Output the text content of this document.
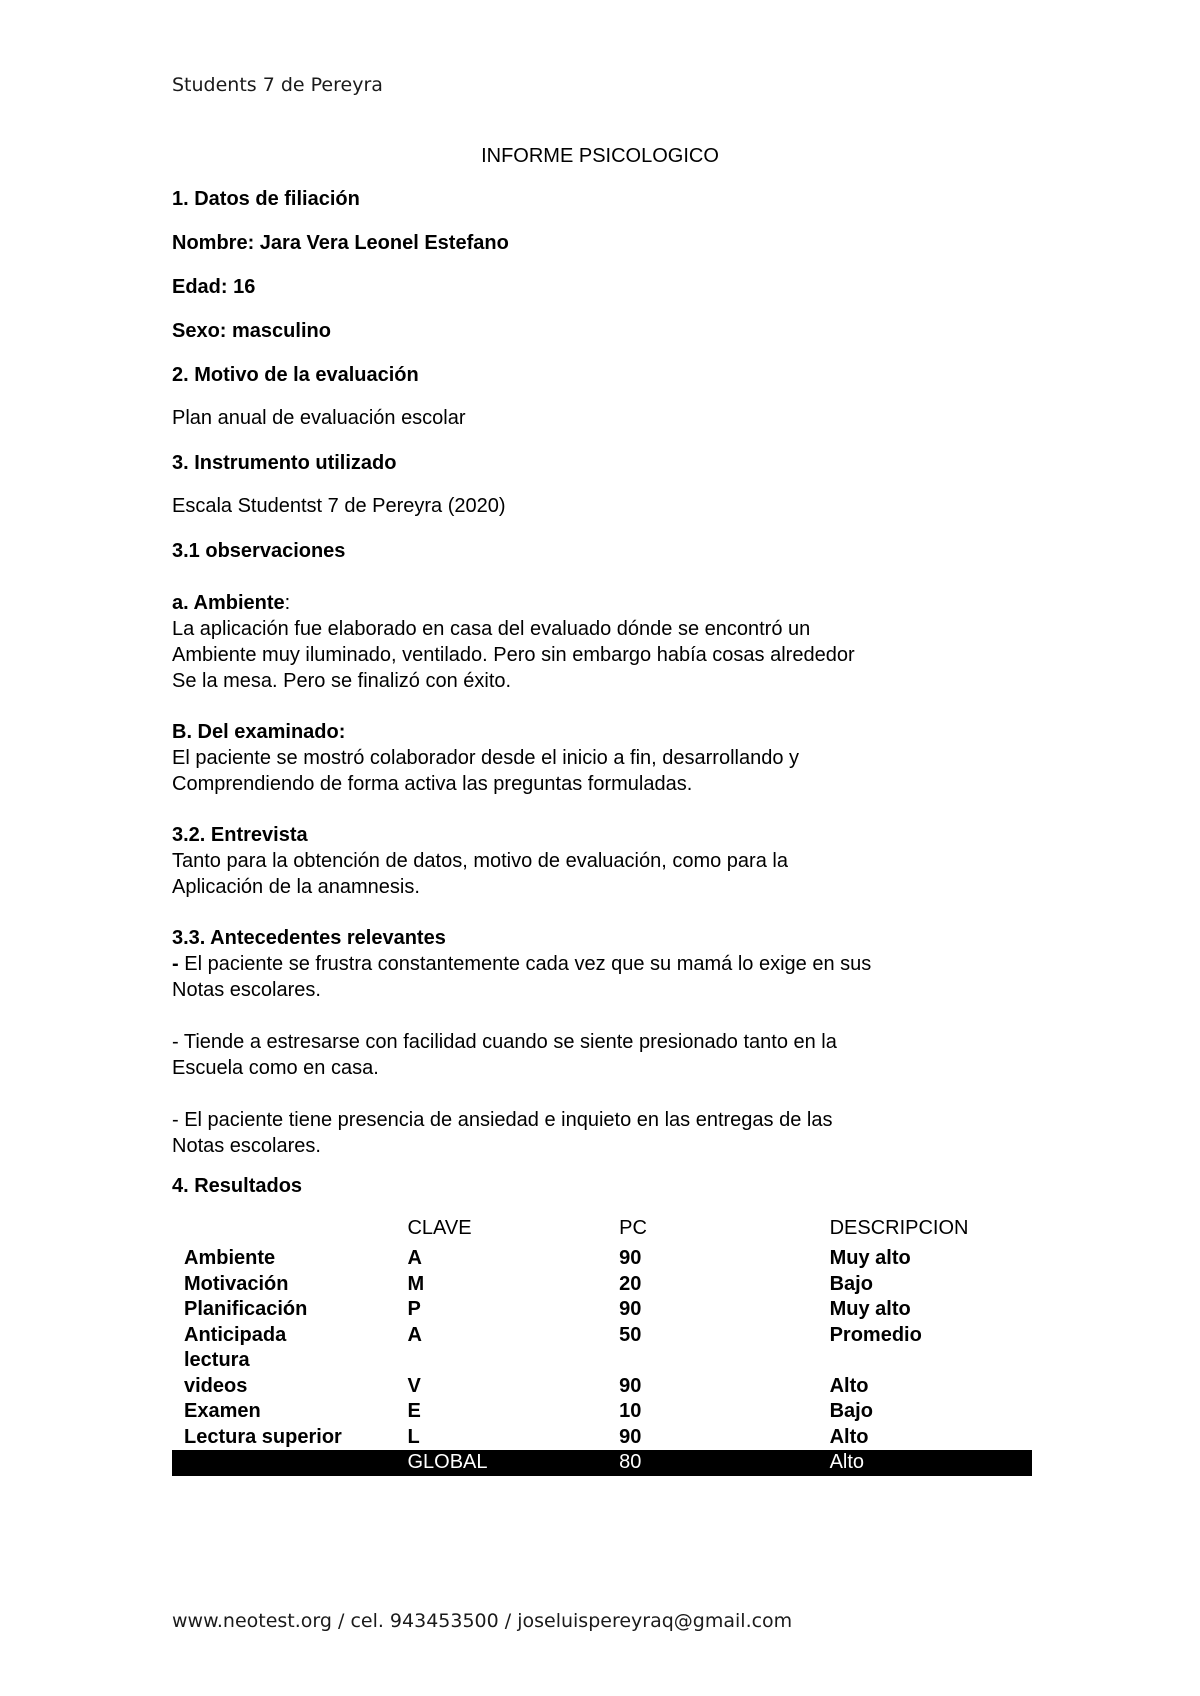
Students 7 de Pereyra
INFORME PSICOLOGICO
1. Datos de filiación
Nombre: Jara Vera Leonel Estefano
Edad: 16
Sexo: masculino
2. Motivo de la evaluación
Plan anual de evaluación escolar
3. Instrumento utilizado
Escala Studentst 7 de Pereyra (2020)
3.1 observaciones
a. Ambiente:
La aplicación fue elaborado en casa del evaluado dónde se encontró un
Ambiente muy iluminado, ventilado. Pero sin embargo había cosas alrededor
Se la mesa. Pero se finalizó con éxito.
B. Del examinado:
El paciente se mostró colaborador desde el inicio a fin, desarrollando y
Comprendiendo de forma activa las preguntas formuladas.
3.2. Entrevista
Tanto para la obtención de datos, motivo de evaluación, como para la
Aplicación de la anamnesis.
3.3. Antecedentes relevantes
- El paciente se frustra constantemente cada vez que su mamá lo exige en sus
Notas escolares.
- Tiende a estresarse con facilidad cuando se siente presionado tanto en la
Escuela como en casa.
- El paciente tiene presencia de ansiedad e inquieto en las entregas de las
Notas escolares.
4. Resultados
	CLAVE	PC	DESCRIPCION
Ambiente	A	90	Muy alto
Motivación	M	20	Bajo
Planificación	P	90	Muy alto
Anticipada	A	50	Promedio
lectura			
videos	V	90	Alto
Examen	E	10	Bajo
Lectura superior	L	90	Alto
	GLOBAL	80	Alto
www.neotest.org / cel. 943453500 / joseluispereyraq@gmail.com
